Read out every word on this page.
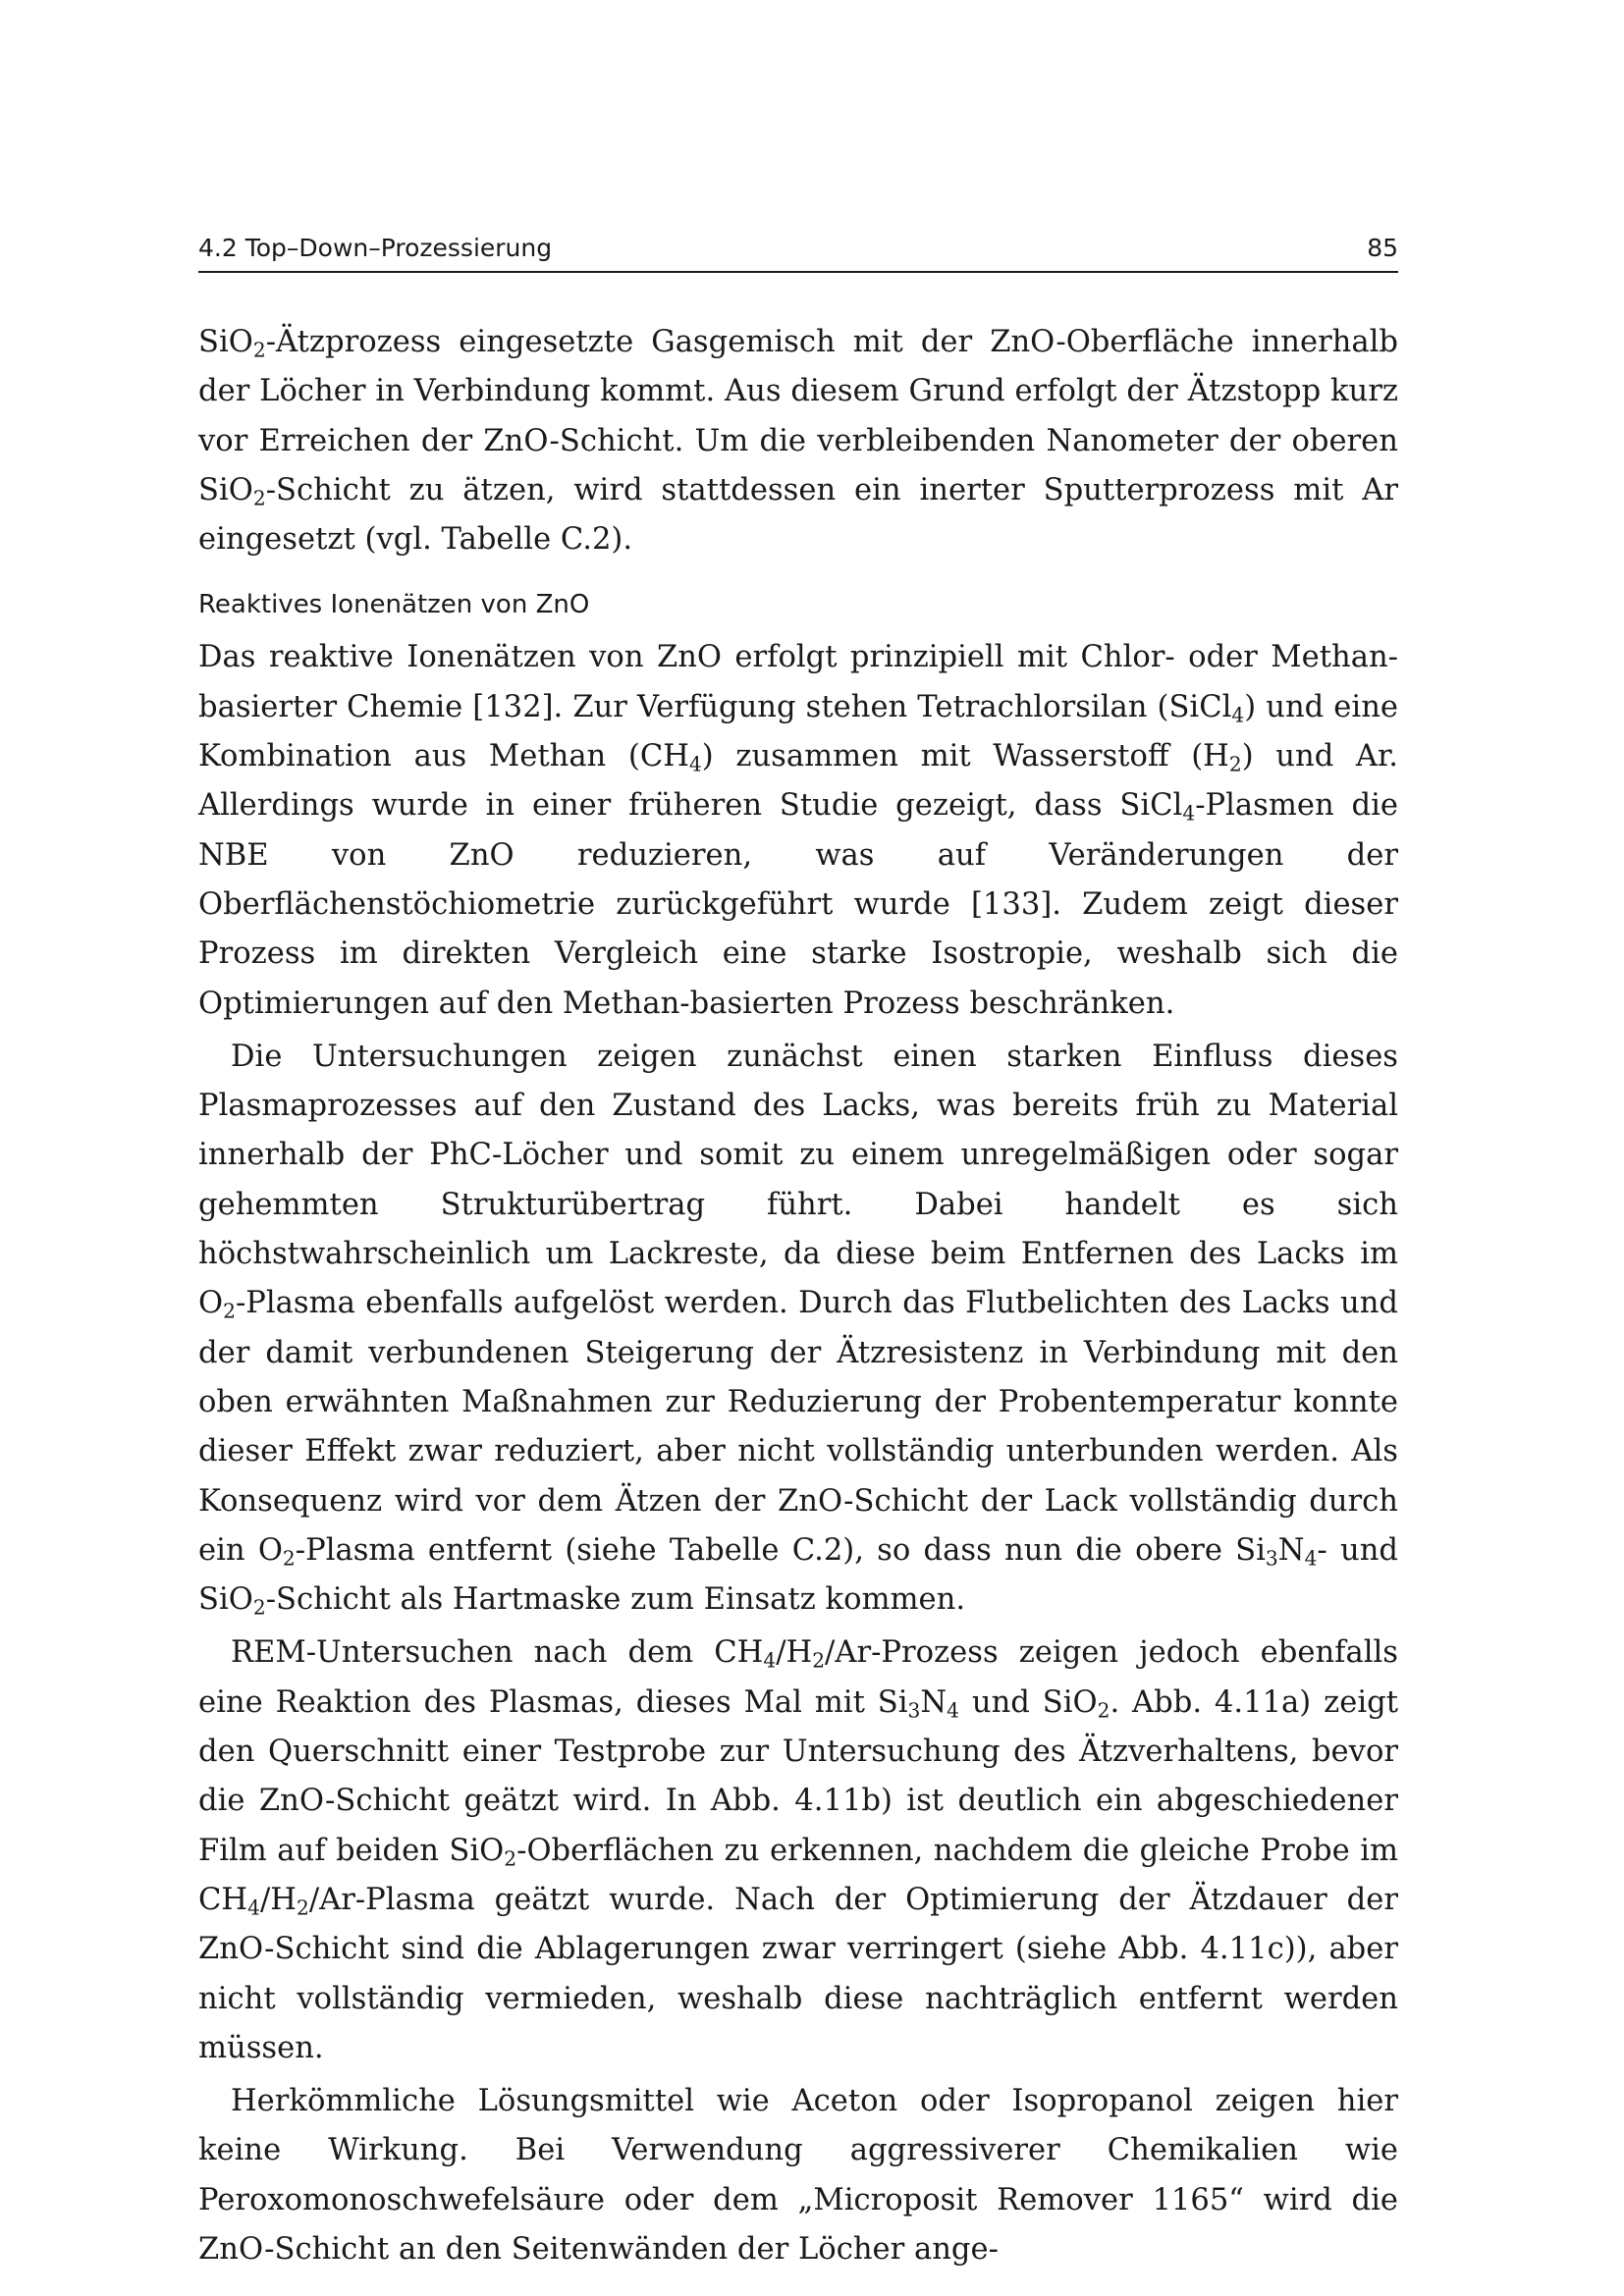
4.2 Top–Down–Prozessierung	85

SiO$_2$-Ätzprozess eingesetzte Gasgemisch mit der ZnO-Oberfläche innerhalb der Löcher in Verbindung kommt. Aus diesem Grund erfolgt der Ätzstopp kurz vor Erreichen der ZnO-Schicht. Um die verbleibenden Nanometer der oberen SiO$_2$-Schicht zu ätzen, wird stattdessen ein inerter Sputterprozess mit Ar eingesetzt (vgl. Tabelle C.2).

Reaktives Ionenätzen von ZnO

Das reaktive Ionenätzen von ZnO erfolgt prinzipiell mit Chlor- oder Methan-basierter Chemie [132]. Zur Verfügung stehen Tetrachlorsilan (SiCl$_4$) und eine Kombination aus Methan $(CH_4)$ zusammen mit Wasserstoff $(H_2)$ und Ar. Allerdings wurde in einer früheren Studie gezeigt, dass SiCl$_4$-Plasmen die NBE von ZnO reduzieren, was auf Veränderungen der Oberflächenstöchiometrie zurückgeführt wurde [133]. Zudem zeigt dieser Prozess im direkten Vergleich eine starke Isostropie, weshalb sich die Optimierungen auf den Methan-basierten Prozess beschränken.

Die Untersuchungen zeigen zunächst einen starken Einfluss dieses Plasmaprozesses auf den Zustand des Lacks, was bereits früh zu Material innerhalb der PhC-Löcher und somit zu einem unregelmäßigen oder sogar gehemmten Strukturübertrag führt. Dabei handelt es sich höchstwahrscheinlich um Lackreste, da diese beim Entfernen des Lacks im $O_2$-Plasma ebenfalls aufgelöst werden. Durch das Flutbelichten des Lacks und der damit verbundenen Steigerung der Ätzresistenz in Verbindung mit den oben erwähnten Maßnahmen zur Reduzierung der Probentemperatur konnte dieser Effekt zwar reduziert, aber nicht vollständig unterbunden werden. Als Konsequenz wird vor dem Ätzen der ZnO-Schicht der Lack vollständig durch ein $O_2$-Plasma entfernt (siehe Tabelle C.2), so dass nun die obere $Si_3N_4-$ und SiO$_2$-Schicht als Hartmaske zum Einsatz kommen.

REM-Untersuchen nach dem $CH_4/H_2/Ar$-Prozess zeigen jedoch ebenfalls eine Reaktion des Plasmas, dieses Mal mit $Si_3N_4$ und SiO$_2$. Abb. 4.11a) zeigt den Querschnitt einer Testprobe zur Untersuchung des Ätzverhaltens, bevor die ZnO-Schicht geätzt wird. In Abb. 4.11b) ist deutlich ein abgeschiedener Film auf beiden SiO$_2$-Oberflächen zu erkennen, nachdem die gleiche Probe im $CH_4/H_2/Ar$-Plasma geätzt wurde. Nach der Optimierung der Ätzdauer der ZnO-Schicht sind die Ablagerungen zwar verringert (siehe Abb. 4.11c)), aber nicht vollständig vermieden, weshalb diese nachträglich entfernt werden müssen.

Herkömmliche Lösungsmittel wie Aceton oder Isopropanol zeigen hier keine Wirkung. Bei Verwendung aggressiverer Chemikalien wie Peroxomonoschwefelsäure oder dem „Microposit Remover 1165“ wird die ZnO-Schicht an den Seitenwänden der Löcher ange-
